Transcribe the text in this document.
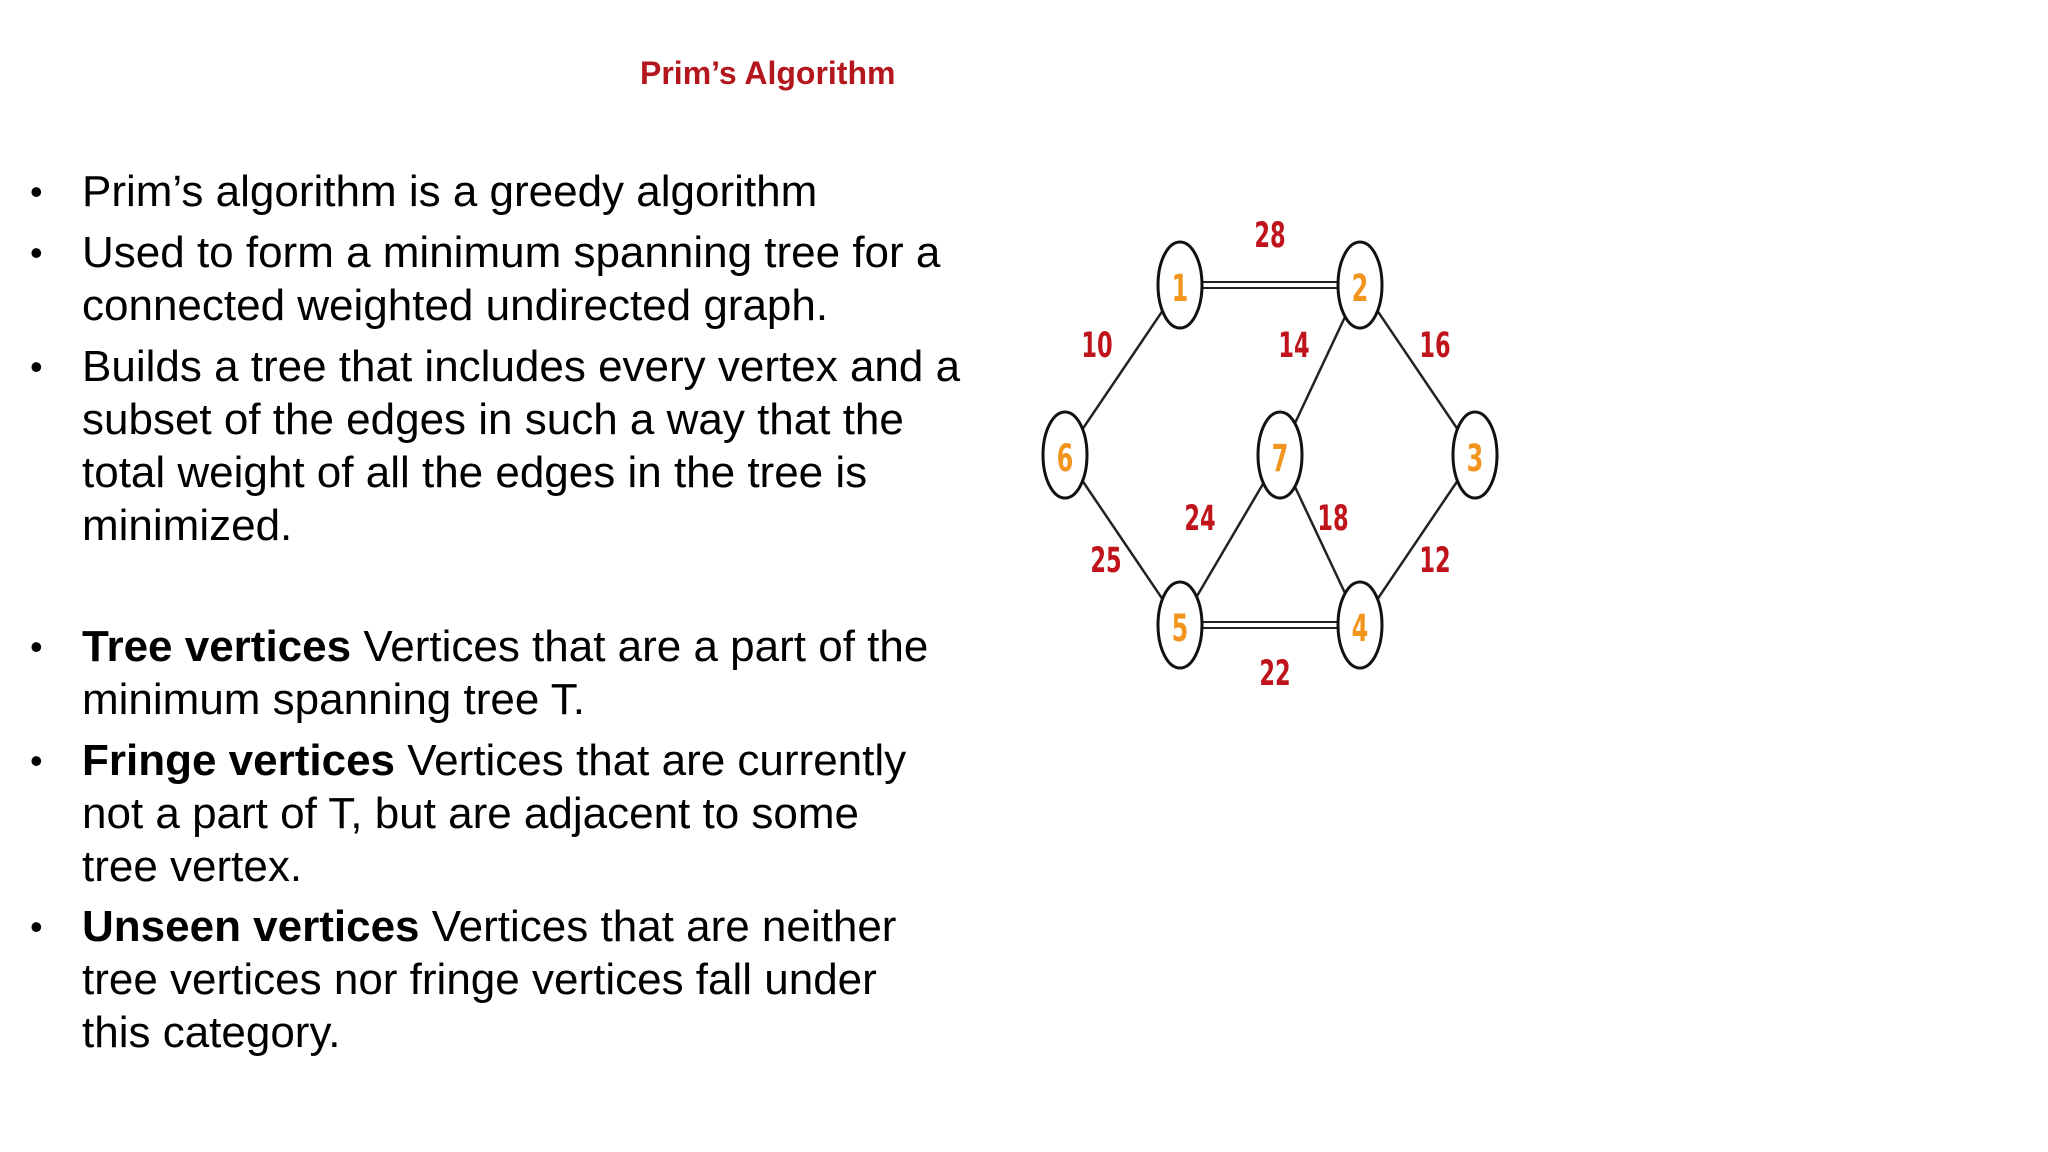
Prim’s Algorithm
• Prim’s algorithm is a greedy algorithm
• Used to form a minimum spanning tree for a connected weighted undirected graph.
• Builds a tree that includes every vertex and a subset of the edges in such a way that the total weight of all the edges in the tree is minimized.
• Tree vertices Vertices that are a part of the minimum spanning tree T.
• Fringe vertices Vertices that are currently not a part of T, but are adjacent to some tree vertex.
• Unseen vertices Vertices that are neither tree vertices nor fringe vertices fall under this category.
28
10	14	16
25
24	18
12
22
1	2
3
4
5
6	7
